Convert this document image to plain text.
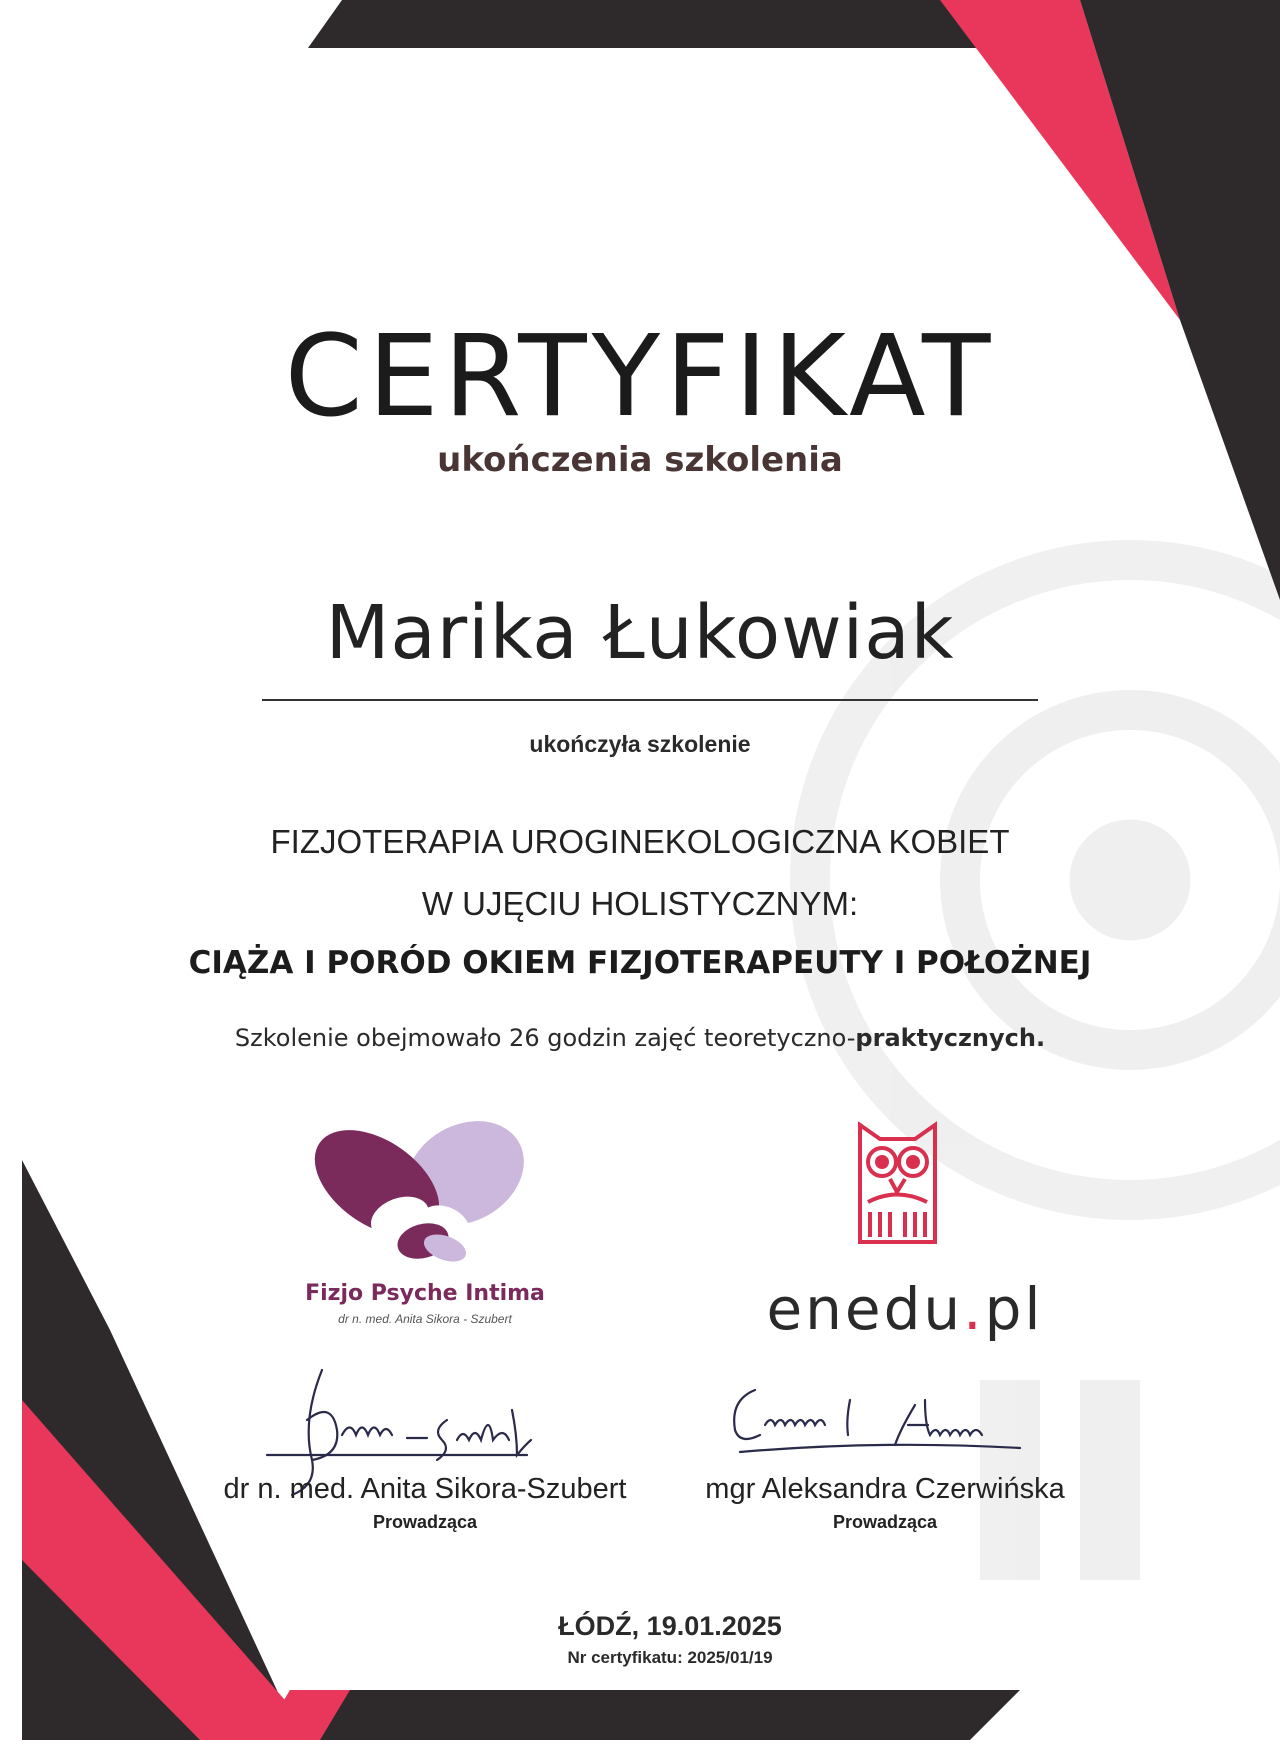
CERTYFIKAT
ukończenia szkolenia
Marika Łukowiak
ukończyła szkolenie
FIZJOTERAPIA UROGINEKOLOGICZNA KOBIET
W UJĘCIU HOLISTYCZNYM:
CIĄŻA I PORÓD OKIEM FIZJOTERAPEUTY I POŁOŻNEJ
Szkolenie obejmowało 26 godzin zajęć teoretyczno-praktycznych.
Fizjo Psyche Intima
dr n. med. Anita Sikora - Szubert	enedu.pl
dr n. med. Anita Sikora-Szubert
Prowadząca
mgr Aleksandra Czerwińska
Prowadząca
ŁÓDŹ, 19.01.2025
Nr certyfikatu: 2025/01/19
